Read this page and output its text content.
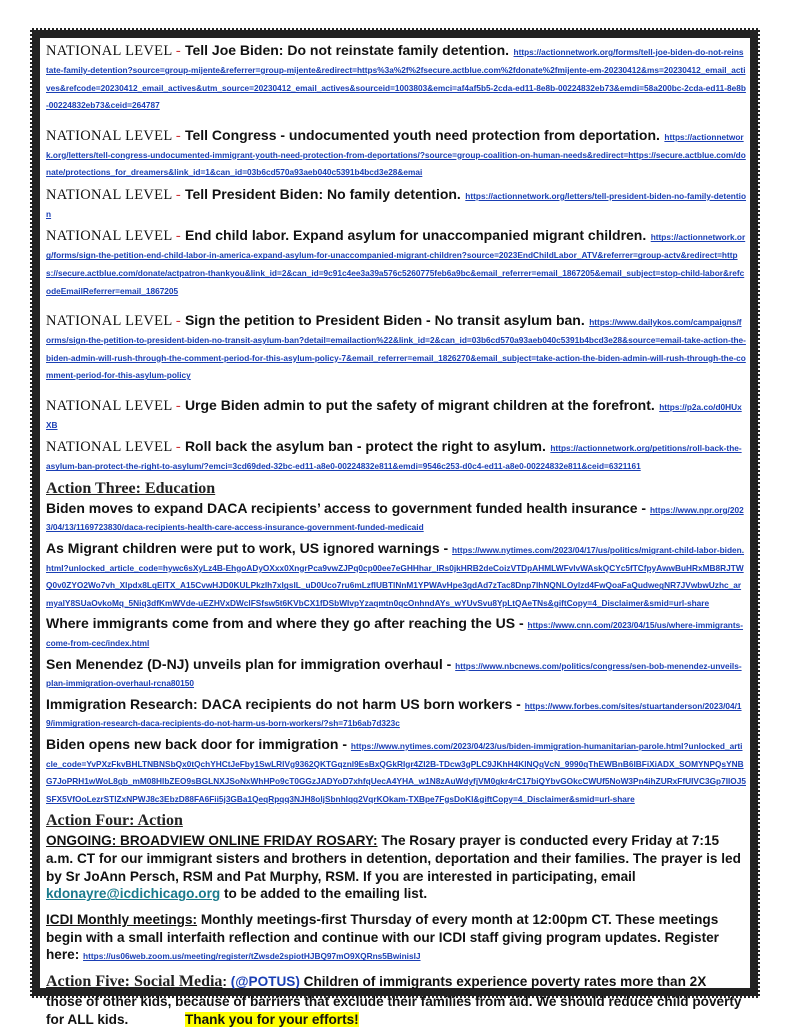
NATIONAL LEVEL - Tell Joe Biden: Do not reinstate family detention. https://actionnetwork.org/forms/tell-joe-biden-do-not-reinstate-family-detention?source=group-mijente&referrer=group-mijente&redirect=https%3a%2f%2fsecure.actblue.com%2fdonate%2fmijente-em-20230412&ms=20230412_email_actives&refcode=20230412_email_actives&utm_source=20230412_email_actives&sourceid=1003803&emci=af4af5b5-2cda-ed11-8e8b-00224832eb73&emdi=58a200bc-2cda-ed11-8e8b-00224832eb73&ceid=264787
NATIONAL LEVEL - Tell Congress - undocumented youth need protection from deportation. https://actionnetwork.org/letters/tell-congress-undocumented-immigrant-youth-need-protection-from-deportations/?source=group-coalition-on-human-needs&redirect=https://secure.actblue.com/donate/protections_for_dreamers&link_id=1&can_id=03b6cd570a93aeb040c5391b4bcd3e28&emai
NATIONAL LEVEL - Tell President Biden: No family detention. https://actionnetwork.org/letters/tell-president-biden-no-family-detention
NATIONAL LEVEL - End child labor. Expand asylum for unaccompanied migrant children. https://actionnetwork.org/forms/sign-the-petition-end-child-labor-in-america-expand-asylum-for-unaccompanied-migrant-children?source=2023EndChildLabor_ATV&referrer=group-actv&redirect=https://secure.actblue.com/donate/actpatron-thankyou&link_id=2&can_id=9c91c4ee3a39a576c5260775feb6a9bc&email_referrer=email_1867205&email_subject=stop-child-labor&refcodeEmailReferrer=email_1867205
NATIONAL LEVEL - Sign the petition to President Biden - No transit asylum ban. https://www.dailykos.com/campaigns/forms/sign-the-petition-to-president-biden-no-transit-asylum-ban?detail=emailaction%22&link_id=2&can_id=03b6cd570a93aeb040c5391b4bcd3e28&source=email-take-action-the-biden-admin-will-rush-through-the-comment-period-for-this-asylum-policy-7&email_referrer=email_1826270&email_subject=take-action-the-biden-admin-will-rush-through-the-comment-period-for-this-asylum-policy
NATIONAL LEVEL - Urge Biden admin to put the safety of migrant children at the forefront. https://p2a.co/d0HUxXB
NATIONAL LEVEL - Roll back the asylum ban - protect the right to asylum. https://actionnetwork.org/petitions/roll-back-the-asylum-ban-protect-the-right-to-asylum/?emci=3cd69ded-32bc-ed11-a8e0-00224832e811&emdi=9546c253-d0c4-ed11-a8e0-00224832e811&ceid=6321161
Action Three: Education
Biden moves to expand DACA recipients’ access to government funded health insurance - https://www.npr.org/2023/04/13/1169723830/daca-recipients-health-care-access-insurance-government-funded-medicaid
As Migrant children were put to work, US ignored warnings - https://www.nytimes.com/2023/04/17/us/politics/migrant-child-labor-biden.html?unlocked_article_code=hywc6sXyLz4B-EhgoADyOXxx0XngrPca9vwZJPq0cp00ee7eGHHhar_lRs0jkHRB2deCoizVTDpAHMLWFvlvWAskQCYc5fTCfpyAwwBuHRxMB8RJTWQ0v0ZYO2Wo7vh_Xlpdx8LqEITX_A15CvwHJD0KULPkzlh7xlgslL_uD0Uco7ru6mLzflUBTlNnM1YPWAvHpe3gdAd7zTac8Dnp7lhNQNLOylzd4FwQoaFaQudwegNR7JVwbwUzhc_armyalY8SUaOvkoMq_5Niq3dfKmWVde-uEZHVxDWclFSfsw5t6KVbCX1fDSbWlvpYzaqmtn0qcOnhndAYs_wYUvSvu8YpLtQAeTNs&giftCopy=4_Disclaimer&smid=url-share
Where immigrants come from and where they go after reaching the US - https://www.cnn.com/2023/04/15/us/where-immigrants-come-from-cec/index.html
Sen Menendez (D-NJ) unveils plan for immigration overhaul - https://www.nbcnews.com/politics/congress/sen-bob-menendez-unveils-plan-immigration-overhaul-rcna80150
Immigration Research: DACA recipients do not harm US born workers - https://www.forbes.com/sites/stuartanderson/2023/04/19/immigration-research-daca-recipients-do-not-harm-us-born-workers/?sh=71b6ab7d323c
Biden opens new back door for immigration - https://www.nytimes.com/2023/04/23/us/biden-immigration-humanitarian-parole.html?unlocked_article_code=YvPXzFkvBHLTNBNSbQx0tQchYHCtJeFby1SwLRlVg9362QKTGqznl9EsBxQGkRlgr4ZI2B-TDcw3gPLC9JKhH4KlNQqVcN_9990qThEWBnB6lBFiXiADX_SOMYNPQsYNBG7JoPRH1wWoL8gb_mM08HlbZEO9sBGLNXJSoNxWhHPo9cT0GGzJADYoD7xhfqUecA4YHA_w1N8zAuWdyfjVM0gkr4rC17biQYbvGOkcCWUf5NoW3Pn4ihZURxFfUIVC3Gp7IlOJ5SFX5VfOoLezrSTlZxNPWJ8c3EbzD88FA6Fii5j3GBa1QeqRpqq3NJH8oljSbnhlqq2VqrKOkam-TXBpe7FgsDoKl&giftCopy=4_Disclaimer&smid=url-share
Action Four: Action
ONGOING: BROADVIEW ONLINE FRIDAY ROSARY: The Rosary prayer is conducted every Friday at 7:15 a.m. CT for our immigrant sisters and brothers in detention, deportation and their families. The prayer is led by Sr JoAnn Persch, RSM and Pat Murphy, RSM. If you are interested in participating, email kdonayre@icdichicago.org to be added to the emailing list.
ICDI Monthly meetings: Monthly meetings-first Thursday of every month at 12:00pm CT. These meetings begin with a small interfaith reflection and continue with our ICDI staff giving program updates. Register here: https://us06web.zoom.us/meeting/register/tZwsde2spiotHJBQ97mO9XQRns5BwinisIJ
Action Five: Social Media: (@POTUS) Children of immigrants experience poverty rates more than 2X those of other kids, because of barriers that exclude their families from aid. We should reduce child poverty for ALL kids.	Thank you for your efforts!
